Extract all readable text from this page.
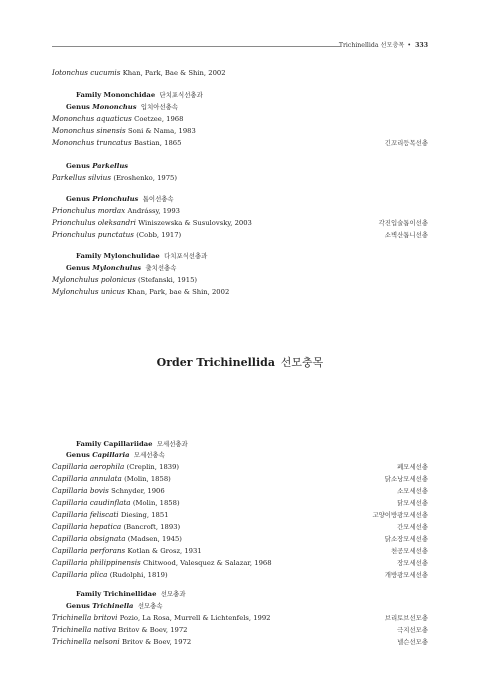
Trichinellida 선모충목 • 333
Iotonchus cucumis Khan, Park, Bae & Shin, 2002
Family Mononchidae 단치포식선충과
Genus Mononchus 입치아선충속
Mononchus aquaticus Coetzee, 1968
Mononchus sinensis Soni & Nama, 1983
Mononchus truncatus Bastian, 1865	긴꼬리등목선충
Genus Parkellus
Parkellus silvius (Eroshenko, 1975)
Genus Prionchulus 톱이선충속
Prionchulus mordax Andrássy, 1993
Prionchulus oleksandri Winiszewska & Susulovsky, 2003	각진입술톱이선충
Prionchulus punctatus (Cobb, 1917)	소벽산톱니선충
Family Mylonchulidae 다치포식선충과
Genus Mylonchulus 출치선충속
Mylonchulus polonicus (Stefanski, 1915)
Mylonchulus unicus Khan, Park, bae & Shin, 2002
Order Trichinellida 선모충목
Family Capillariidae 모세선충과
Genus Capillaria 모세선충속
Capillaria aerophila (Creplin, 1839)	폐모세선충
Capillaria annulata (Molin, 1858)	닭소낭모세선충
Capillaria bovis Schnyder, 1906	소모세선충
Capillaria caudinflata (Molin, 1858)	닭모세선충
Capillaria feliscati Diesing, 1851	고양이방광모세선충
Capillaria hepatica (Bancroft, 1893)	간모세선충
Capillaria obsignata (Madsen, 1945)	닭소장모세선충
Capillaria perforans Kotlan & Grosz, 1931	천공모세선충
Capillaria philippinensis Chitwood, Valesquez & Salazar, 1968	장모세선충
Capillaria plica (Rudolphi, 1819)	개방광모세선충
Family Trichinellidae 선모충과
Genus Trichinella 선모충속
Trichinella britovi Pozio, La Rosa, Murrell & Lichtenfels, 1992	브리토브선모충
Trichinella nativa Britov & Boev, 1972	극지선모충
Trichinella nelsoni Britov & Boev, 1972	넬슨선모충
